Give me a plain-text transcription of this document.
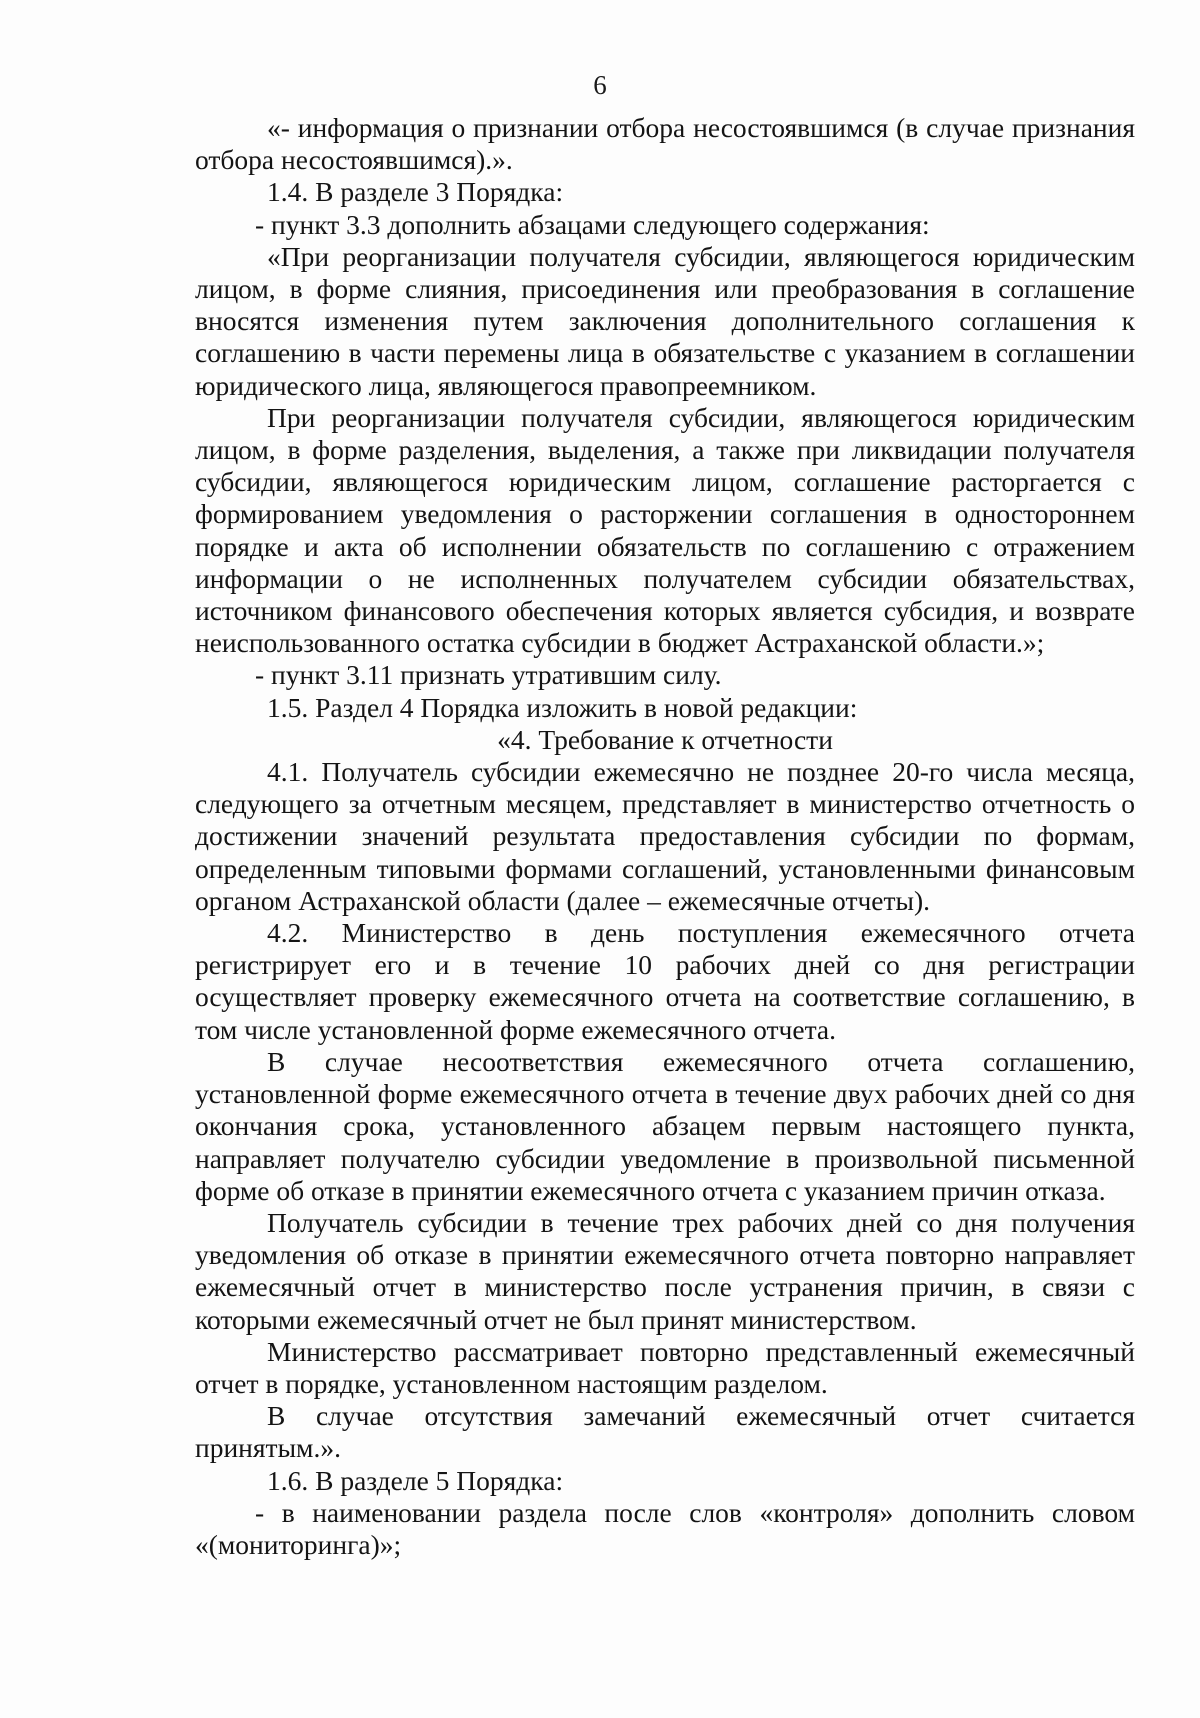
6

«- информация о признании отбора несостоявшимся (в случае признания отбора несостоявшимся).».

1.4. В разделе 3 Порядка:

- пункт 3.3 дополнить абзацами следующего содержания:

«При реорганизации получателя субсидии, являющегося юридическим лицом, в форме слияния, присоединения или преобразования в соглашение вносятся изменения путем заключения дополнительного соглашения к соглашению в части перемены лица в обязательстве с указанием в соглашении юридического лица, являющегося правопреемником.

При реорганизации получателя субсидии, являющегося юридическим лицом, в форме разделения, выделения, а также при ликвидации получателя субсидии, являющегося юридическим лицом, соглашение расторгается с формированием уведомления о расторжении соглашения в одностороннем порядке и акта об исполнении обязательств по соглашению с отражением информации о не исполненных получателем субсидии обязательствах, источником финансового обеспечения которых является субсидия, и возврате неиспользованного остатка субсидии в бюджет Астраханской области.»;

- пункт 3.11 признать утратившим силу.

1.5. Раздел 4 Порядка изложить в новой редакции:

«4. Требование к отчетности

4.1. Получатель субсидии ежемесячно не позднее 20-го числа месяца, следующего за отчетным месяцем, представляет в министерство отчетность о достижении значений результата предоставления субсидии по формам, определенным типовыми формами соглашений, установленными финансовым органом Астраханской области (далее – ежемесячные отчеты).

4.2. Министерство в день поступления ежемесячного отчета регистрирует его и в течение 10 рабочих дней со дня регистрации осуществляет проверку ежемесячного отчета на соответствие соглашению, в том числе установленной форме ежемесячного отчета.

В случае несоответствия ежемесячного отчета соглашению, установленной форме ежемесячного отчета в течение двух рабочих дней со дня окончания срока, установленного абзацем первым настоящего пункта, направляет получателю субсидии уведомление в произвольной письменной форме об отказе в принятии ежемесячного отчета с указанием причин отказа.

Получатель субсидии в течение трех рабочих дней со дня получения уведомления об отказе в принятии ежемесячного отчета повторно направляет ежемесячный отчет в министерство после устранения причин, в связи с которыми ежемесячный отчет не был принят министерством.

Министерство рассматривает повторно представленный ежемесячный отчет в порядке, установленном настоящим разделом.

В случае отсутствия замечаний ежемесячный отчет считается принятым.».

1.6. В разделе 5 Порядка:

- в наименовании раздела после слов «контроля» дополнить словом «(мониторинга)»;
